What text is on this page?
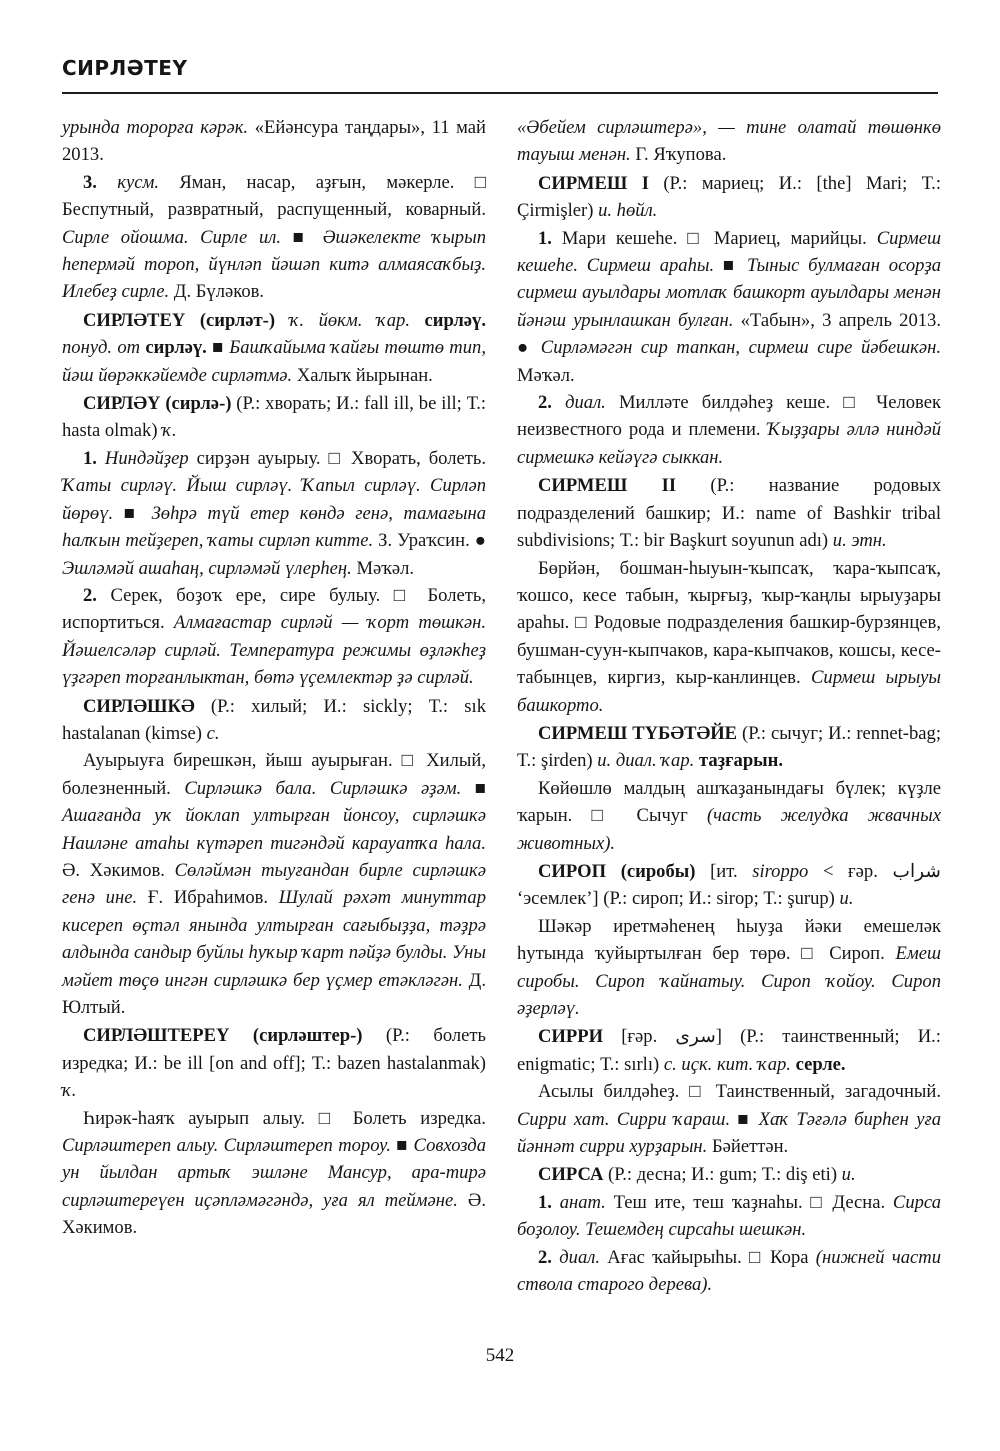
СИРЛӘТЕҮ

урында торорға кәрәк. «Ейәнсура таңдары», 11 май 2013.

3. кусм. Яман, насар, аҙғын, мәкерле. □ Беспутный, развратный, распущенный, коварный. Сирле ойошма. Сирле ил. ■ Әшәкелекте ҡырып һепермәй тороп, йүнләп йәшәп китә алмаясаҡбыҙ. Илебеҙ сирле. Д. Бүләков.

СИРЛӘТЕҮ (сирләт-) ҡ. йөкм. ҡар. сирләү. понуд. от сирләү. ■ Башҡайыма ҡайғы төштө тип, йәш йөрәккәйемде сирләтмә. Халыҡ йырынан.

СИРЛӘҮ (сирлә-) (Р.: хворать; И.: fall ill, be ill; Т.: hasta olmak) ҡ.

1. Ниндәйҙер сирҙән ауырыу. □ Хворать, болеть. Ҡаты сирләү. Йыш сирләү. Ҡапыл сирләү. Сирләп йөрөү. ■ Зөһрә түй етер көндә генә, тамағына һалҡын тейҙереп, ҡаты сирләп китте. З. Ураҡсин. ● Эшләмәй ашаһаң, сирләмәй үлерһең. Мәҡәл.

2. Серек, боҙоҡ ере, сире булыу. □ Болеть, испортиться. Алмағастар сирләй — ҡорт төшкән. Йәшелсәләр сирләй. Температура режимы өҙләкһеҙ үҙгәреп торғанлыктан, бөтә үҫемлектәр ҙә сирләй.

СИРЛӘШКӘ (Р.: хилый; И.: sickly; Т.: sık hastalanan (kimse) с.

Ауырыуға бирешкән, йыш ауырыған. □ Хилый, болезненный. Сирләшкә бала. Сирләшкә әҙәм. ■ Ашағанда уҡ йоклап ултырған йонсоу, сирләшкә Наиләне атаһы күтәреп тигәндәй карауатҡа һала. Ә. Хәкимов. Сөләймән тыуғандан бирле сирләшкә генә ине. Ғ. Ибраһимов. Шулай рәхәт минуттар кисереп өҫтәл янында ултырған сағыбыҙҙа, тәҙрә алдында сандыр буйлы һуҡыр ҡарт пәйҙә булды. Уны мәйет төҫө ингән сирләшкә бер үҫмер етәкләгән. Д. Юлтый.

СИРЛӘШТЕРЕҮ (сирләштер-) (Р.: болеть изредка; И.: be ill [on and off]; Т.: bazen hastalanmak) ҡ.

Һирәк-һаяҡ ауырып алыу. □ Болеть изредка. Сирләштереп алыу. Сирләштереп тороу. ■ Совхозда ун йылдан артыҡ эшләне Мансур, ара-тирә сирләштереүен иҫәпләмәгәндә, уға ял теймәне. Ә. Хәкимов.

«Әбейем сирләштерә», — тине олатай төшөнкө тауыш менән. Г. Яҡупова.

СИРМЕШ I (Р.: мариец; И.: [the] Mari; Т.: Çirmişler) и. һөйл.

1. Мари кешеһе. □ Мариец, марийцы. Сирмеш кешеһе. Сирмеш араһы. ■ Тыныс булмаған осорҙа сирмеш ауылдары мотлаҡ башкорт ауылдары менән йәнәш урынлашкан булған. «Табын», 3 апрель 2013. ● Сирләмәгән сир тапкан, сирмеш сире йәбешкән. Мәҡәл.

2. диал. Милләте билдәһеҙ кеше. □ Человек неизвестного рода и племени. Ҡыҙҙары әллә ниндәй сирмешкә кейәүгә сыккан.

СИРМЕШ II (Р.: название родовых подразделений башкир; И.: name of Bashkir tribal subdivisions; Т.: bir Başkurt soyunun adı) и. этн.

Бөрйән, бошман-һыуын-ҡыпсаҡ, ҡара-ҡыпсаҡ, ҡошсо, кесе табын, ҡырғыҙ, ҡыр-ҡаңлы ырыуҙары араһы. □ Родовые подразделения башкир-бурзянцев, бушман-суун-кыпчаков, кара-кыпчаков, кошсы, кесе-табынцев, киргиз, кыр-канлинцев. Сирмеш ырыуы башкорто.

СИРМЕШ ТҮБӘТӘЙЕ (Р.: сычуг; И.: rennet-bag; Т.: şirden) и. диал. ҡар. таҙғарын.

Көйөшлө малдың ашҡаҙанындағы бүлек; күҙле ҡарын. □ Сычуг (часть желудка жвачных животных).

СИРОП (сиробы) [ит. siroppo < ғәр. شراب ‘эсемлек’] (Р.: сироп; И.: sirop; Т.: şurup) и.

Шәкәр иретмәһенең һыуҙа йәки емешеләк һутында ҡуйыртылған бер төрө. □ Сироп. Емеш сиробы. Сироп ҡайнатыу. Сироп ҡойоу. Сироп әҙерләү.

СИРРИ [ғәр. سرى] (Р.: таинственный; И.: enigmatic; Т.: sırlı) с. иҫк. кит. ҡар. серле.

Асылы билдәһеҙ. □ Таинственный, загадочный. Сирри хат. Сирри ҡараш. ■ Хаҡ Тәғәлә бирһен уға йәннәт сирри хурҙарын. Бәйеттән.

СИРСА (Р.: десна; И.: gum; Т.: diş eti) и.

1. анат. Теш ите, теш ҡаҙнаһы. □ Десна. Сирса боҙолоу. Тешемдең сирсаһы шешкән.

2. диал. Ағас ҡайырыһы. □ Кора (нижней части ствола старого дерева).

542
